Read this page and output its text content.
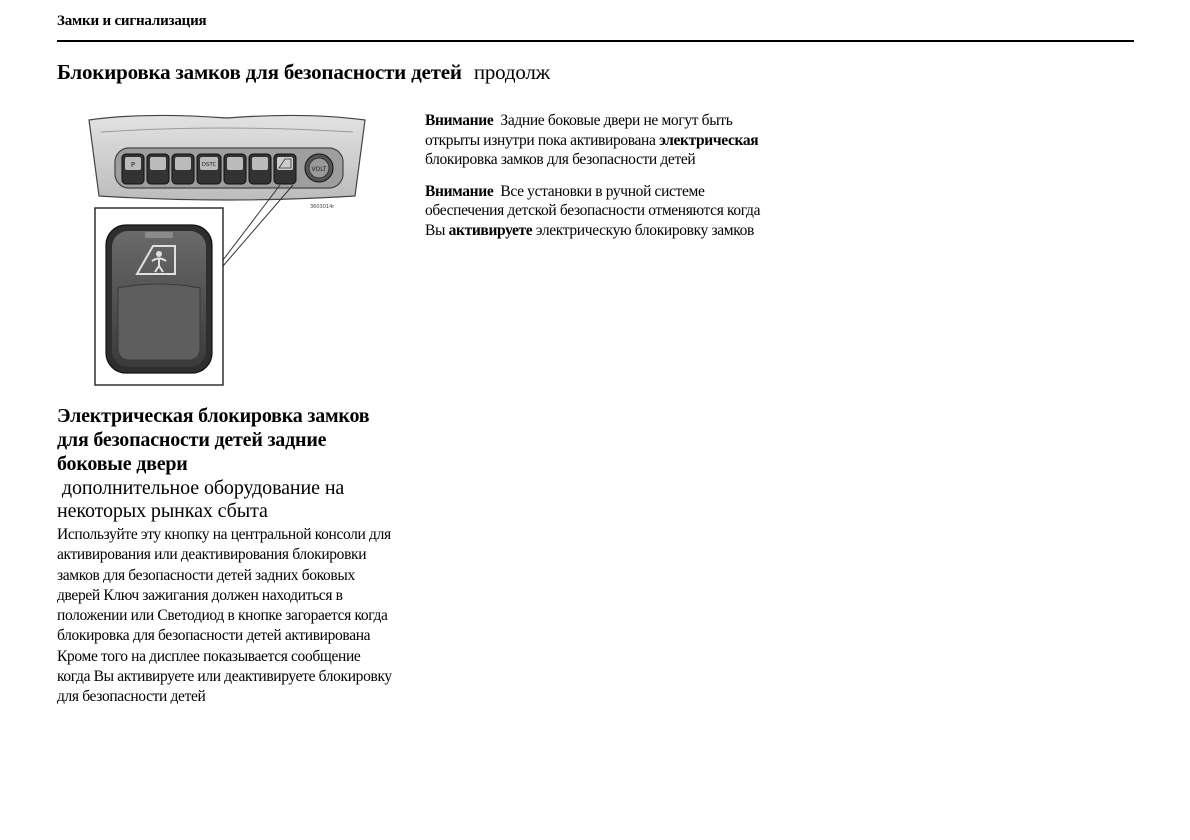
Замки и сигнализация
Блокировка замков для безопасности детей продолж
P	DSTC
VOLT
3603014r
Электрическая блокировка замков для безопасности детей задние боковые двери
дополнительное оборудование на некоторых рынках сбыта
Используйте эту кнопку на центральной консоли для активирования или деактивирования блокировки замков для безопасности детей задних боковых дверей Ключ зажигания должен находиться в положении или Светодиод в кнопке загорается когда блокировка для безопасности детей активирована Кроме того на дисплее показывается сообщение когда Вы активируете или деактивируете блокировку для безопасности детей

Внимание Задние боковые двери не могут быть открыты изнутри пока активирована электрическая блокировка замков для безопасности детей

Внимание Все установки в ручной системе обеспечения детской безопасности отменяются когда Вы активируете электрическую блокировку замков
